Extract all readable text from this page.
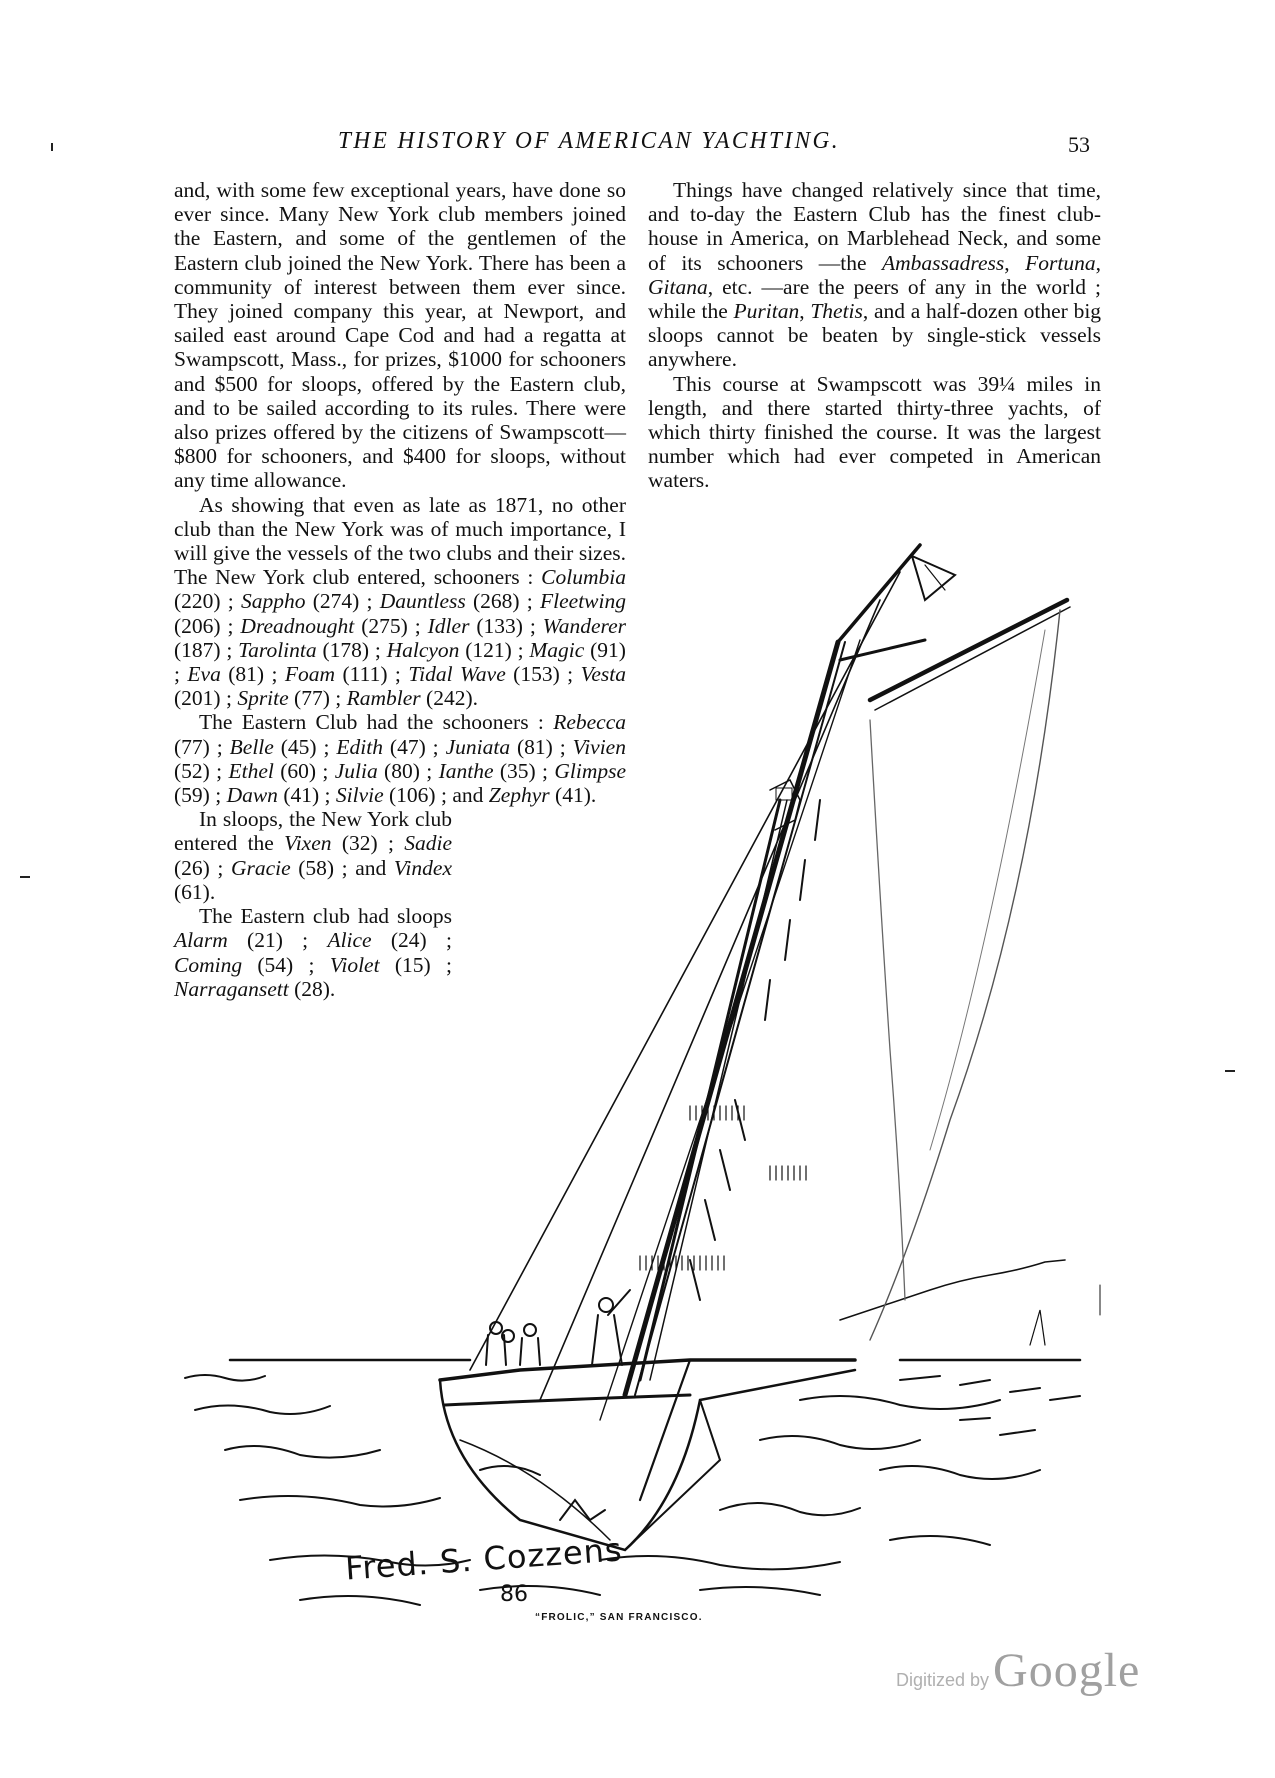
THE HISTORY OF AMERICAN YACHTING.	53

and, with some few exceptional years, have done so ever since. Many New York club members joined the Eastern, and some of the gentlemen of the Eastern club joined the New York. There has been a community of interest between them ever since. They joined company this year, at Newport, and sailed east around Cape Cod and had a regatta at Swampscott, Mass., for prizes, $1000 for schooners and $500 for sloops, offered by the Eastern club, and to be sailed according to its rules. There were also prizes offered by the citizens of Swampscott—$800 for schooners, and $400 for sloops, without any time allowance.

As showing that even as late as 1871, no other club than the New York was of much importance, I will give the vessels of the two clubs and their sizes. The New York club entered, schooners : Columbia (220) ; Sappho (274) ; Dauntless (268) ; Fleetwing (206) ; Dreadnought (275) ; Idler (133) ; Wanderer (187) ; Tarolinta (178) ; Halcyon (121) ; Magic (91) ; Eva (81) ; Foam (111) ; Tidal Wave (153) ; Vesta (201) ; Sprite (77) ; Rambler (242).

The Eastern Club had the schooners : Rebecca (77) ; Belle (45) ; Edith (47) ; Juniata (81) ; Vivien (52) ; Ethel (60) ; Julia (80) ; Ianthe (35) ; Glimpse (59) ; Dawn (41) ; Silvie (106) ; and Zephyr (41).

In sloops, the New York club entered the Vixen (32) ; Sadie (26) ; Gracie (58) ; and Vindex (61).

The Eastern club had sloops Alarm (21) ; Alice (24) ; Coming (54) ; Violet (15) ; Narragansett (28).

Things have changed relatively since that time, and to-day the Eastern Club has the finest club-house in America, on Marblehead Neck, and some of its schooners —the Ambassadress, Fortuna, Gitana, etc. —are the peers of any in the world ; while the Puritan, Thetis, and a half-dozen other big sloops cannot be beaten by single-stick vessels anywhere.

This course at Swampscott was 39¼ miles in length, and there started thirty-three yachts, of which thirty finished the course. It was the largest number which had ever competed in American waters.

Fred. S. Cozzens
86
“FROLIC,” SAN FRANCISCO.
Digitized by Google
